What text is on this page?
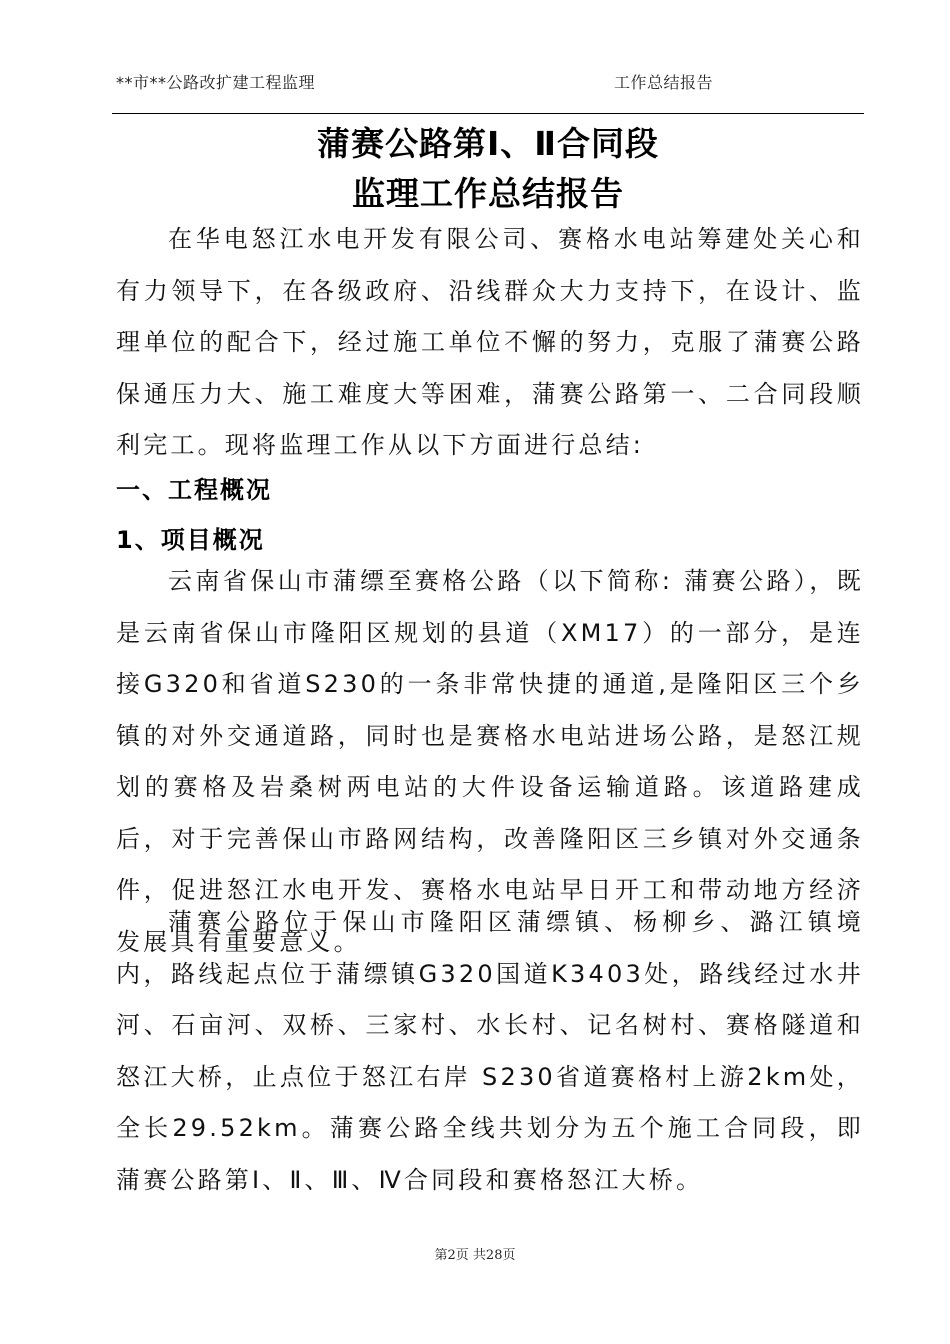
**市**公路改扩建工程监理	工作总结报告
蒲赛公路第Ⅰ、Ⅱ合同段
监理工作总结报告
在华电怒江水电开发有限公司、赛格水电站筹建处关心和有力领导下，在各级政府、沿线群众大力支持下，在设计、监理单位的配合下，经过施工单位不懈的努力，克服了蒲赛公路保通压力大、施工难度大等困难，蒲赛公路第一、二合同段顺利完工。现将监理工作从以下方面进行总结:
一、工程概况
1、项目概况
云南省保山市蒲缥至赛格公路（以下简称: 蒲赛公路），既是云南省保山市隆阳区规划的县道（XM17）的一部分，是连接G320和省道S230的一条非常快捷的通道,是隆阳区三个乡镇的对外交通道路，同时也是赛格水电站进场公路，是怒江规划的赛格及岩桑树两电站的大件设备运输道路。该道路建成后，对于完善保山市路网结构，改善隆阳区三乡镇对外交通条件，促进怒江水电开发、赛格水电站早日开工和带动地方经济发展具有重要意义。
蒲赛公路位于保山市隆阳区蒲缥镇、杨柳乡、潞江镇境内，路线起点位于蒲缥镇G320国道K3403处，路线经过水井河、石亩河、双桥、三家村、水长村、记名树村、赛格隧道和怒江大桥，止点位于怒江右岸 S230省道赛格村上游2km处，全长29.52km。蒲赛公路全线共划分为五个施工合同段，即蒲赛公路第Ⅰ、Ⅱ、Ⅲ、Ⅳ合同段和赛格怒江大桥。
第2页 共28页
